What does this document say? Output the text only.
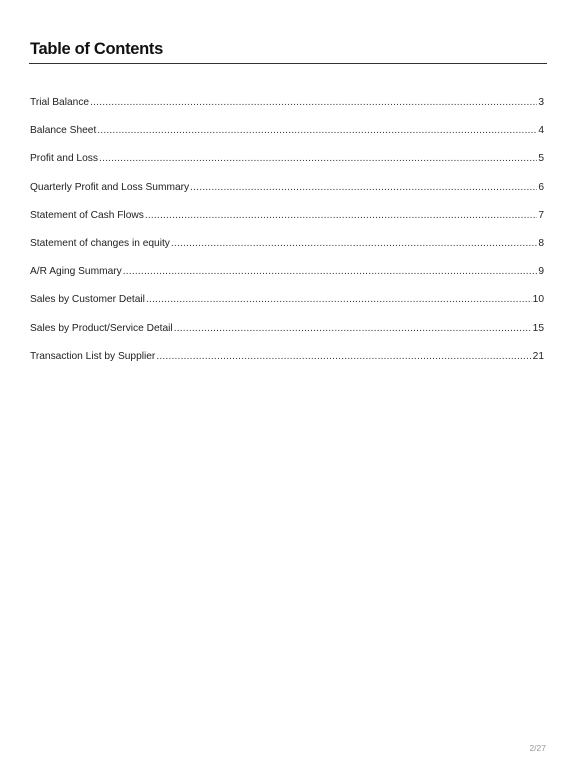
Table of Contents
Trial Balance .....	3
Balance Sheet .....	4
Profit and Loss .....	5
Quarterly Profit and Loss Summary .....	6
Statement of Cash Flows .....	7
Statement of changes in equity .....	8
A/R Aging Summary .....	9
Sales by Customer Detail .....	10
Sales by Product/Service Detail .....	15
Transaction List by Supplier .....	21
2/27
